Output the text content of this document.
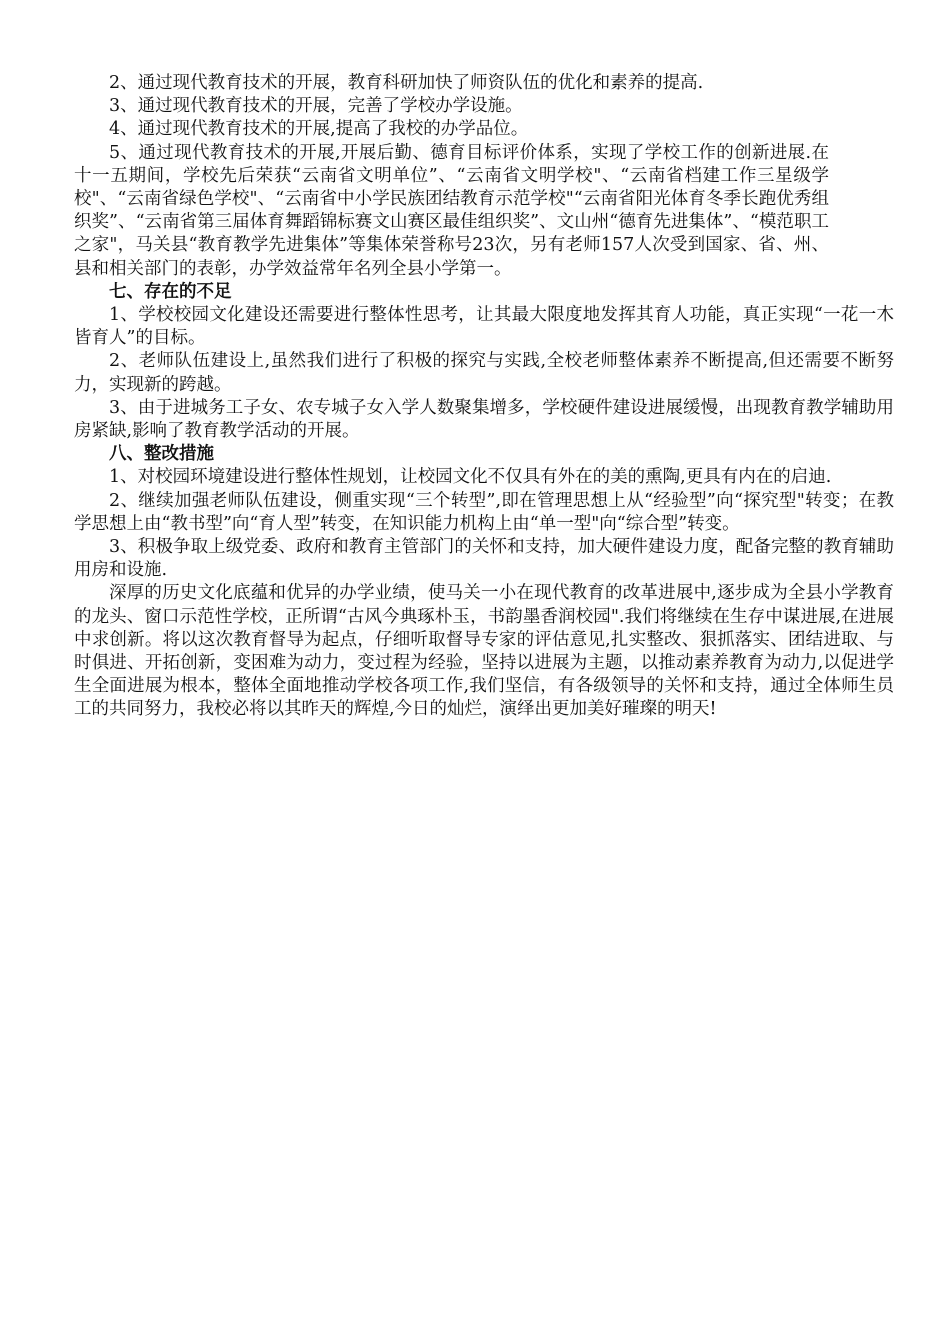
2、通过现代教育技术的开展，教育科研加快了师资队伍的优化和素养的提高.

3、通过现代教育技术的开展，完善了学校办学设施。

4、通过现代教育技术的开展,提高了我校的办学品位。

5、通过现代教育技术的开展,开展后勤、德育目标评价体系，实现了学校工作的创新进展.在十一五期间，学校先后荣获“云南省文明单位”、“云南省文明学校"、“云南省档建工作三星级学校"、“云南省绿色学校"、“云南省中小学民族团结教育示范学校"“云南省阳光体育冬季长跑优秀组织奖”、“云南省第三届体育舞蹈锦标赛文山赛区最佳组织奖”、文山州“德育先进集体”、“模范职工之家"，马关县“教育教学先进集体”等集体荣誉称号23次，另有老师157人次受到国家、省、州、县和相关部门的表彰，办学效益常年名列全县小学第一。

七、存在的不足

1、学校校园文化建设还需要进行整体性思考，让其最大限度地发挥其育人功能，真正实现“一花一木皆育人”的目标。

2、老师队伍建设上,虽然我们进行了积极的探究与实践,全校老师整体素养不断提高,但还需要不断努力，实现新的跨越。

3、由于进城务工子女、农专城子女入学人数聚集增多，学校硬件建设进展缓慢，出现教育教学辅助用房紧缺,影响了教育教学活动的开展。

八、整改措施

1、对校园环境建设进行整体性规划，让校园文化不仅具有外在的美的熏陶,更具有内在的启迪.

2、继续加强老师队伍建设，侧重实现“三个转型”,即在管理思想上从“经验型”向“探究型"转变；在教学思想上由“教书型”向“育人型”转变，在知识能力机构上由“单一型"向“综合型”转变。

3、积极争取上级党委、政府和教育主管部门的关怀和支持，加大硬件建设力度，配备完整的教育辅助用房和设施.

深厚的历史文化底蕴和优异的办学业绩，使马关一小在现代教育的改革进展中,逐步成为全县小学教育的龙头、窗口示范性学校，正所谓“古风今典琢朴玉，书韵墨香润校园".我们将继续在生存中谋进展,在进展中求创新。将以这次教育督导为起点，仔细听取督导专家的评估意见,扎实整改、狠抓落实、团结进取、与时俱进、开拓创新，变困难为动力，变过程为经验，坚持以进展为主题，以推动素养教育为动力,以促进学生全面进展为根本，整体全面地推动学校各项工作,我们坚信，有各级领导的关怀和支持，通过全体师生员工的共同努力，我校必将以其昨天的辉煌,今日的灿烂，演绎出更加美好璀璨的明天!
